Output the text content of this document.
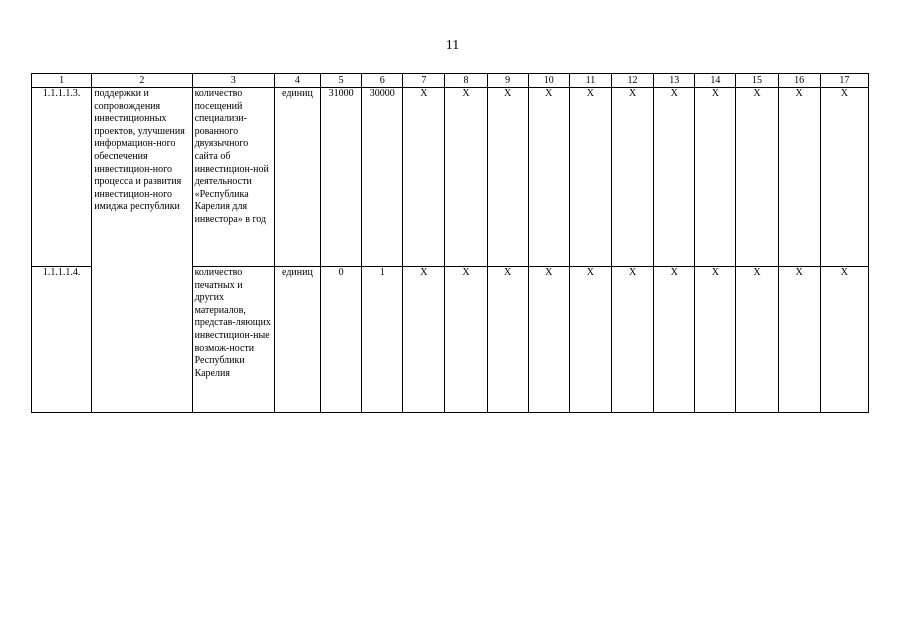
11
1	2	3	4	5	6	7	8	9	10	11	12	13	14	15	16	17
1.1.1.1.3.	поддержки и сопровождения инвестиционных проектов, улучшения информацион-ного обеспечения инвестицион-ного процесса и развития инвестицион-ного имиджа республики	количество посещений специализи-рованного двуязычного сайта об инвестицион-ной деятельности «Республика Карелия для инвестора» в год	единиц	31000	30000	X	X	X	X	X	X	X	X	X	X	X
1.1.1.1.4.		количество печатных и других материалов, представ-ляющих инвестицион-ные возмож-ности Республики Карелия	единиц	0	1	X	X	X	X	X	X	X	X	X	X	X
